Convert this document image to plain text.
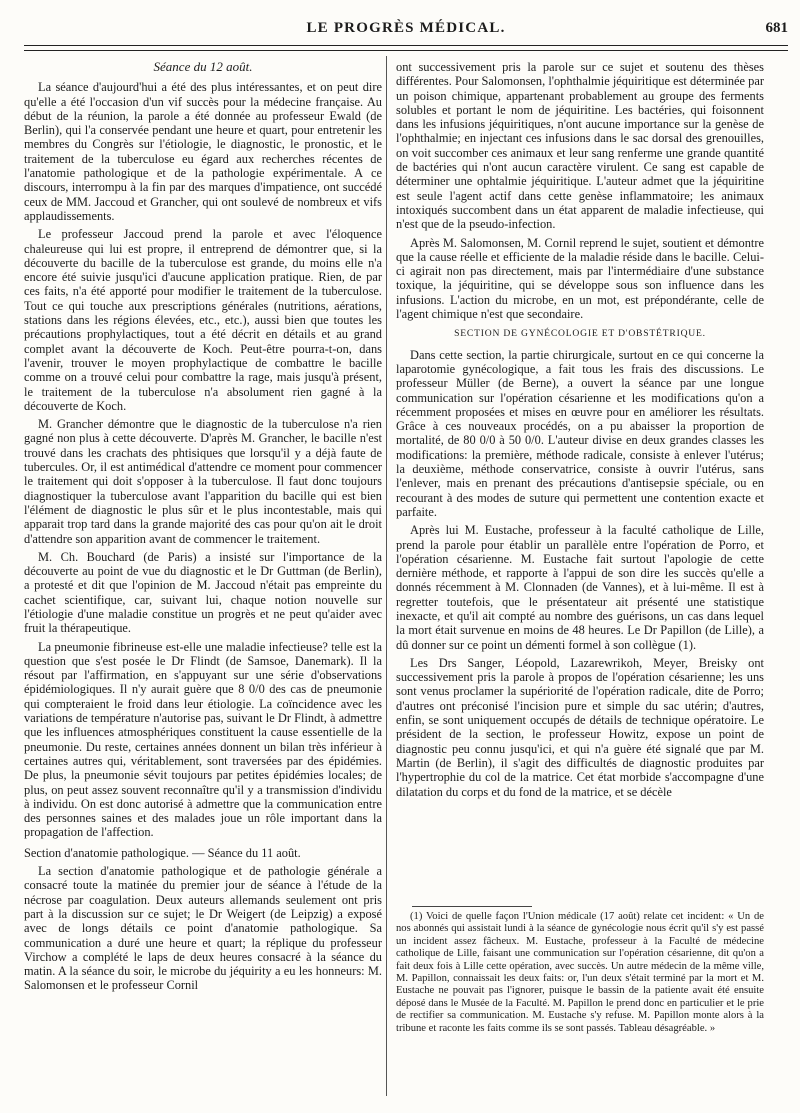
LE PROGRÈS MÉDICAL.	681

Séance du 12 août.

La séance d'aujourd'hui a été des plus intéressantes, et on peut dire qu'elle a été l'occasion d'un vif succès pour la médecine française. Au début de la réunion, la parole a été donnée au professeur Ewald (de Berlin), qui l'a conservée pendant une heure et quart, pour entretenir les membres du Congrès sur l'étiologie, le diagnostic, le pronostic, et le traitement de la tuberculose eu égard aux recherches récentes de l'anatomie pathologique et de la pathologie expérimentale. A ce discours, interrompu à la fin par des marques d'impatience, ont succédé ceux de MM. Jaccoud et Grancher, qui ont soulevé de nombreux et vifs applaudissements.

Le professeur Jaccoud prend la parole et avec l'éloquence chaleureuse qui lui est propre, il entreprend de démontrer que, si la découverte du bacille de la tuberculose est grande, du moins elle n'a encore été suivie jusqu'ici d'aucune application pratique. Rien, de par ces faits, n'a été apporté pour modifier le traitement de la tuberculose. Tout ce qui touche aux prescriptions générales (nutritions, aérations, stations dans les régions élevées, etc., etc.), aussi bien que toutes les précautions prophylactiques, tout a été décrit en détails et au grand complet avant la découverte de Koch. Peut-être pourra-t-on, dans l'avenir, trouver le moyen prophylactique de combattre le bacille comme on a trouvé celui pour combattre la rage, mais jusqu'à présent, le traitement de la tuberculose n'a absolument rien gagné à la découverte de Koch.

M. Grancher démontre que le diagnostic de la tuberculose n'a rien gagné non plus à cette découverte. D'après M. Grancher, le bacille n'est trouvé dans les crachats des phtisiques que lorsqu'il y a déjà faute de tubercules. Or, il est antimédical d'attendre ce moment pour commencer le traitement qui doit s'opposer à la tuberculose. Il faut donc toujours diagnostiquer la tuberculose avant l'apparition du bacille qui est bien l'élément de diagnostic le plus sûr et le plus incontestable, mais qui apparait trop tard dans la grande majorité des cas pour qu'on ait le droit d'attendre son apparition avant de commencer le traitement.

M. Ch. Bouchard (de Paris) a insisté sur l'importance de la découverte au point de vue du diagnostic et le Dr Guttman (de Berlin), a protesté et dit que l'opinion de M. Jaccoud n'était pas empreinte du cachet scientifique, car, suivant lui, chaque notion nouvelle sur l'étiologie d'une maladie constitue un progrès et ne peut qu'aider avec fruit la thérapeutique.

La pneumonie fibrineuse est-elle une maladie infectieuse? telle est la question que s'est posée le Dr Flindt (de Samsoe, Danemark). Il la résout par l'affirmation, en s'appuyant sur une série d'observations épidémiologiques. Il n'y aurait guère que 8 0/0 des cas de pneumonie qui compteraient le froid dans leur étiologie. La coïncidence avec les variations de température n'autorise pas, suivant le Dr Flindt, à admettre que les influences atmosphériques constituent la cause essentielle de la pneumonie. Du reste, certaines années donnent un bilan très inférieur à certaines autres qui, véritablement, sont traversées par des épidémies. De plus, la pneumonie sévit toujours par petites épidémies locales; de plus, on peut assez souvent reconnaître qu'il y a transmission d'individu à individu. On est donc autorisé à admettre que la communication entre des personnes saines et des malades joue un rôle important dans la propagation de l'affection.

Section d'anatomie pathologique. — Séance du 11 août.

La section d'anatomie pathologique et de pathologie générale a consacré toute la matinée du premier jour de séance à l'étude de la nécrose par coagulation. Deux auteurs allemands seulement ont pris part à la discussion sur ce sujet; le Dr Weigert (de Leipzig) a exposé avec de longs détails ce point d'anatomie pathologique. Sa communication a duré une heure et quart; la réplique du professeur Virchow a complété le laps de deux heures consacré à la séance du matin. A la séance du soir, le microbe du jéquirity a eu les honneurs: M. Salomonsen et le professeur Cornil

ont successivement pris la parole sur ce sujet et soutenu des thèses différentes. Pour Salomonsen, l'ophthalmie jéquiritique est déterminée par un poison chimique, appartenant probablement au groupe des ferments solubles et portant le nom de jéquiritine. Les bactéries, qui foisonnent dans les infusions jéquiritiques, n'ont aucune importance sur la genèse de l'ophthalmie; en injectant ces infusions dans le sac dorsal des grenouilles, on voit succomber ces animaux et leur sang renferme une grande quantité de bactéries qui n'ont aucun caractère virulent. Ce sang est capable de déterminer une ophtalmie jéquiritique. L'auteur admet que la jéquiritine est seule l'agent actif dans cette genèse inflammatoire; les animaux intoxiqués succombent dans un état apparent de maladie infectieuse, qui n'est que de la pseudo-infection.

Après M. Salomonsen, M. Cornil reprend le sujet, soutient et démontre que la cause réelle et efficiente de la maladie réside dans le bacille. Celui-ci agirait non pas directement, mais par l'intermédiaire d'une substance toxique, la jéquiritine, qui se développe sous son influence dans les infusions. L'action du microbe, en un mot, est prépondérante, celle de l'agent chimique n'est que secondaire.

SECTION DE GYNÉCOLOGIE ET D'OBSTÉTRIQUE.

Dans cette section, la partie chirurgicale, surtout en ce qui concerne la laparotomie gynécologique, a fait tous les frais des discussions. Le professeur Müller (de Berne), a ouvert la séance par une longue communication sur l'opération césarienne et les modifications qu'on a récemment proposées et mises en œuvre pour en améliorer les résultats. Grâce à ces nouveaux procédés, on a pu abaisser la proportion de mortalité, de 80 0/0 à 50 0/0. L'auteur divise en deux grandes classes les modifications: la première, méthode radicale, consiste à enlever l'utérus; la deuxième, méthode conservatrice, consiste à ouvrir l'utérus, sans l'enlever, mais en prenant des précautions d'antisepsie spéciale, ou en recourant à des modes de suture qui permettent une contention exacte et parfaite.

Après lui M. Eustache, professeur à la faculté catholique de Lille, prend la parole pour établir un parallèle entre l'opération de Porro, et l'opération césarienne. M. Eustache fait surtout l'apologie de cette dernière méthode, et rapporte à l'appui de son dire les succès qu'elle a donnés récemment à M. Clonnaden (de Vannes), et à lui-même. Il est à regretter toutefois, que le présentateur ait présenté une statistique inexacte, et qu'il ait compté au nombre des guérisons, un cas dans lequel la mort était survenue en moins de 48 heures. Le Dr Papillon (de Lille), a dû donner sur ce point un démenti formel à son collègue (1).

Les Drs Sanger, Léopold, Lazarewrikoh, Meyer, Breisky ont successivement pris la parole à propos de l'opération césarienne; les uns sont venus proclamer la supériorité de l'opération radicale, dite de Porro; d'autres ont préconisé l'incision pure et simple du sac utérin; d'autres, enfin, se sont uniquement occupés de détails de technique opératoire. Le président de la section, le professeur Howitz, expose un point de diagnostic peu connu jusqu'ici, et qui n'a guère été signalé que par M. Martin (de Berlin), il s'agit des difficultés de diagnostic produites par l'hypertrophie du col de la matrice. Cet état morbide s'accompagne d'une dilatation du corps et du fond de la matrice, et se décèle

(1) Voici de quelle façon l'Union médicale (17 août) relate cet incident: « Un de nos abonnés qui assistait lundi à la séance de gynécologie nous écrit qu'il s'y est passé un incident assez fâcheux. M. Eustache, professeur à la Faculté de médecine catholique de Lille, faisant une communication sur l'opération césarienne, dit qu'on a fait deux fois à Lille cette opération, avec succès. Un autre médecin de la même ville, M. Papillon, connaissait les deux faits: or, l'un deux s'était terminé par la mort et M. Eustache ne pouvait pas l'ignorer, puisque le bassin de la patiente avait été ensuite déposé dans le Musée de la Faculté. M. Papillon le prend donc en particulier et le prie de rectifier sa communication. M. Eustache s'y refuse. M. Papillon monte alors à la tribune et raconte les faits comme ils se sont passés. Tableau désagréable. »
